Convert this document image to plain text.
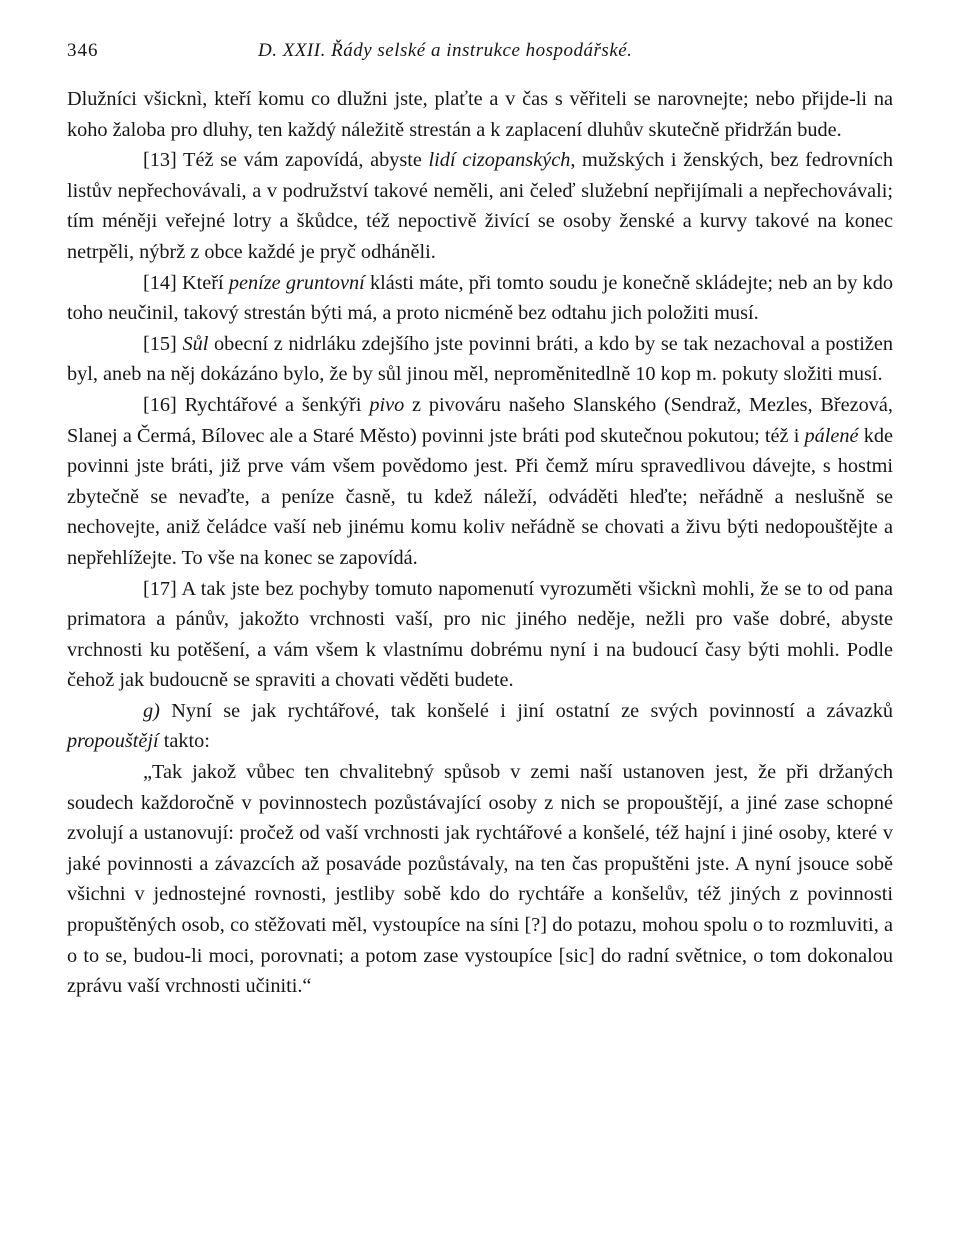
346	D. XXII. Řády selské a instrukce hospodářské.

Dlužníci všicknì, kteří komu co dlužni jste, plaťte a v čas s věřiteli se narovnejte; nebo přijde-li na koho žaloba pro dluhy, ten každý náležitě strestán a k zaplacení dluhův skutečně přidržán bude.

[13] Též se vám zapovídá, abyste lidí cizopanských, mužských i ženských, bez fedrovních listův nepřechovávali, a v podružství takové neměli, ani čeleď služební nepřijímali a nepřechovávali; tím méněji veřejné lotry a škůdce, též nepoctivě živící se osoby ženské a kurvy takové na konec netrpěli, nýbrž z obce každé je pryč odháněli.

[14] Kteří peníze gruntovní klásti máte, při tomto soudu je konečně skládejte; neb an by kdo toho neučinil, takový strestán býti má, a proto nicméně bez odtahu jich položiti musí.

[15] Sůl obecní z nidrláku zdejšího jste povinni bráti, a kdo by se tak nezachoval a postižen byl, aneb na něj dokázáno bylo, že by sůl jinou měl, neproměnitedlně 10 kop m. pokuty složiti musí.

[16] Rychtářové a šenkýři pivo z pivováru našeho Slanského (Sendraž, Mezles, Březová, Slanej a Čermá, Bílovec ale a Staré Město) povinni jste bráti pod skutečnou pokutou; též i pálené kde povinni jste bráti, již prve vám všem povědomo jest. Při čemž míru spravedlivou dávejte, s hostmi zbytečně se nevaďte, a peníze časně, tu kdež náleží, odváděti hleďte; neřádně a neslušně se nechovejte, aniž čeládce vaší neb jinému komu koliv neřádně se chovati a živu býti nedopouštějte a nepřehlížejte. To vše na konec se zapovídá.

[17] A tak jste bez pochyby tomuto napomenutí vyrozuměti všicknì mohli, že se to od pana primatora a pánův, jakožto vrchnosti vaší, pro nic jiného neděje, nežli pro vaše dobré, abyste vrchnosti ku potěšení, a vám všem k vlastnímu dobrému nyní i na budoucí časy býti mohli. Podle čehož jak budoucně se spraviti a chovati věděti budete.

g) Nyní se jak rychtářové, tak konšelé i jiní ostatní ze svých povinností a závazků propouštějí takto:

„Tak jakož vůbec ten chvalitebný spůsob v zemi naší ustanoven jest, že při držaných soudech každoročně v povinnostech pozůstávající osoby z nich se propouštějí, a jiné zase schopné zvolují a ustanovují: pročež od vaší vrchnosti jak rychtářové a konšelé, též hajní i jiné osoby, které v jaké povinnosti a závazcích až posaváde pozůstávaly, na ten čas propuštěni jste. A nyní jsouce sobě všichni v jednostejné rovnosti, jestliby sobě kdo do rychtáře a konšelův, též jiných z povinnosti propuštěných osob, co stěžovati měl, vystoupíce na síni [?] do potazu, mohou spolu o to rozmluviti, a o to se, budou-li moci, porovnati; a potom zase vystoupíce [sic] do radní světnice, o tom dokonalou zprávu vaší vrchnosti učiniti.“
